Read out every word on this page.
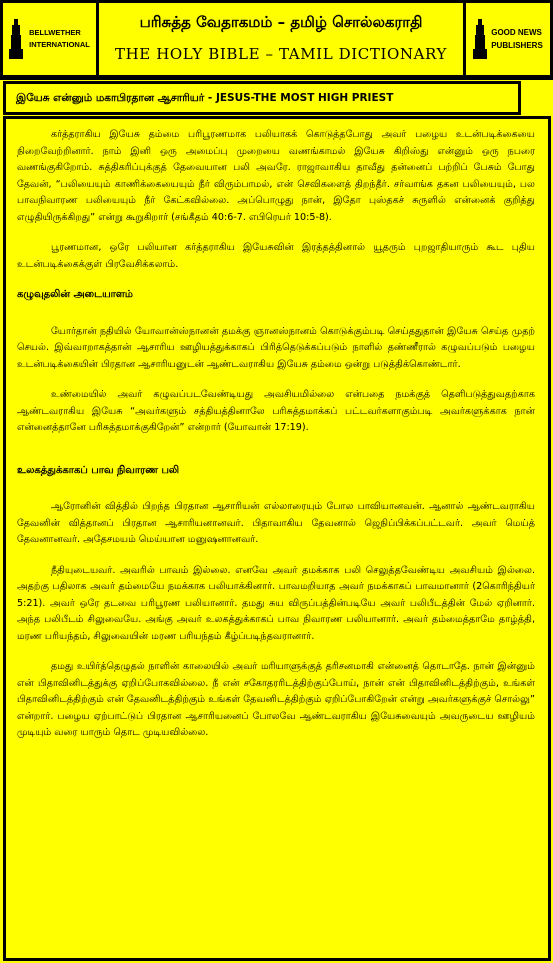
BELLWETHER
INTERNATIONAL
பரிசுத்த வேதாகமம் – தமிழ் சொல்லகராதி
THE HOLY BIBLE – TAMIL DICTIONARY
GOOD NEWS
PUBLISHERS
இயேசு என்னும் மகாபிரதான ஆசாரியர் - JESUS-THE MOST HIGH PRIEST

கர்த்தராகிய இயேசு தம்மை பரிபூரணமாக பலியாகக் கொடுத்தபோது அவர் பழைய உடன்படிக்கையை நிறைவேற்றினார். நாம் இனி ஒரு அமைப்பு முறையை வணங்காமல் இயேசு கிறிஸ்து என்னும் ஒரு நபரை வணங்குகிறோம். சுத்திகரிப்புக்குத் தேவையான பலி அவரே. ராஜாவாகிய தாவீது தன்னைப் பற்றிப் பேசும் போது தேவன், “பலியையும் காணிக்கையையும் நீர் விரும்பாமல், என் செவிகளைத் திறந்தீர். சர்வாங்க தகன பலியையும், பல பாவநிவாரண பலியையும் நீர் கேட்கவில்லை. அப்பொழுது நான், இதோ புஸ்தகச் சுருளில் என்னைக் குறித்து எழுதியிருக்கிறது” என்று கூறுகிறார் (சங்கீதம் 40:6-7. எபிரெயர் 10:5-8).

பூரணமான, ஒரே பலியான கர்த்தராகிய இயேசுவின் இரத்தத்தினால் யூதரும் புறஜாதியாரும் கூட புதிய உடன்படிக்கைக்குள் பிரவேசிக்கலாம்.

கழுவுதலின் அடையாளம்

யோர்தான் நதியில் யோவான்ஸ்நானன் தமக்கு ஞானஸ்நானம் கொடுக்கும்படி செய்ததுதான் இயேசு செய்த முதற் செயல். இவ்வாறாகத்தான் ஆசாரிய ஊழியத்துக்காகப் பிரித்தெடுக்கப்படும் நாளில் தண்ணீரால் கழுவப்படும் பழைய உடன்படிக்கையின் பிரதான ஆசாரியனுடன் ஆண்டவராகிய இயேசு தம்மை ஒன்று படுத்திக்கொண்டார்.

உண்மையில் அவர் கழுவப்படவேண்டியது அவசியமில்லை என்பதை நமக்குத் தெளிபடுத்துவதற்காக ஆண்டவராகிய இயேசு “அவர்களும் சத்தியத்தினாலே பரிசுத்தமாக்கப் பட்டவர்களாகும்படி அவர்களுக்காக நான் என்னைத்தானே பரிசுத்தமாக்குகிறேன்” என்றார் (யோவான் 17:19).

உலகத்துக்காகப் பாவ நிவாரண பலி

ஆரோனின் வித்தில் பிறந்த பிரதான ஆசாரியன் எல்லாரையும் போல பாவியானவன். ஆனால் ஆண்டவராகிய தேவனின் வித்தானப் பிரதான ஆசாரியனானவர். பிதாவாகிய தேவனால் ஜெநிப்பிக்கப்பட்டவர். அவர் மெய்த் தேவனானவர். அதேசமயம் மெய்யான மனுஷனானவர்.

நீதியுடையவர். அவரில் பாவம் இல்லை. எனவே அவர் தமக்காக பலி செலுத்தவேண்டிய அவசியம் இல்லை. அதற்கு பதிலாக அவர் தம்மையே நமக்காக பலியாக்கினார். பாவமறியாத அவர் நமக்காகப் பாவமானார் (2கொரிந்தியர் 5:21). அவர் ஒரே தடவை பரிபூரண பலியானார். தமது சுய விருப்பத்தின்படியே அவர் பலிபீடத்தின் மேல் ஏறினார். அந்த பலிபீடம் சிலுவையே. அங்கு அவர் உலகத்துக்காகப் பாவ நிவாரண பலியானார். அவர் தம்மைத்தாமே தாழ்த்தி, மரண பரியந்தம், சிலுவையின் மரண பரியந்தம் கீழ்ப்படிந்தவரானார்.

தமது உயிர்த்தெழுதல் நாளின் காலையில் அவர் மரியாளுக்குத் தரிசனமாகி என்னைத் தொடாதே. நான் இன்னும் என் பிதாவினிடத்துக்கு ஏறிப்போகவில்லை. நீ என் சகோதரரிடத்திற்குப்போய், நான் என் பிதாவினிடத்திற்கும், உங்கள் பிதாவினிடத்திற்கும் என் தேவனிடத்திற்கும் உங்கள் தேவனிடத்திற்கும் ஏறிப்போகிறேன் என்று அவர்களுக்குச் சொல்லு” என்றார். பழைய ஏற்பாட்டுப் பிரதான ஆசாரியனைப் போலவே ஆண்டவராகிய இயேசுவையும் அவருடைய ஊழியம் முடியும் வரை யாரும் தொட முடியவில்லை.
